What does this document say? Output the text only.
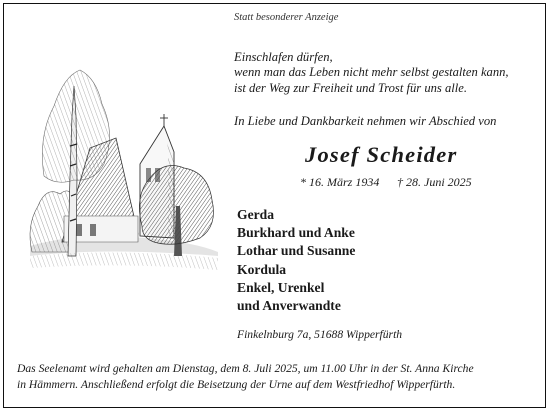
Statt besonderer Anzeige
Einschlafen dürfen,
wenn man das Leben nicht mehr selbst gestalten kann,
ist der Weg zur Freiheit und Trost für uns alle.
In Liebe und Dankbarkeit nehmen wir Abschied von
Josef Scheider
* 16. März 1934 † 28. Juni 2025
Gerda
Burkhard und Anke
Lothar und Susanne
Kordula
Enkel, Urenkel
und Anverwandte
Finkelnburg 7a, 51688 Wipperfürth
Das Seelenamt wird gehalten am Dienstag, dem 8. Juli 2025, um 11.00 Uhr in der St. Anna Kirche
in Hämmern. Anschließend erfolgt die Beisetzung der Urne auf dem Westfriedhof Wipperfürth.
